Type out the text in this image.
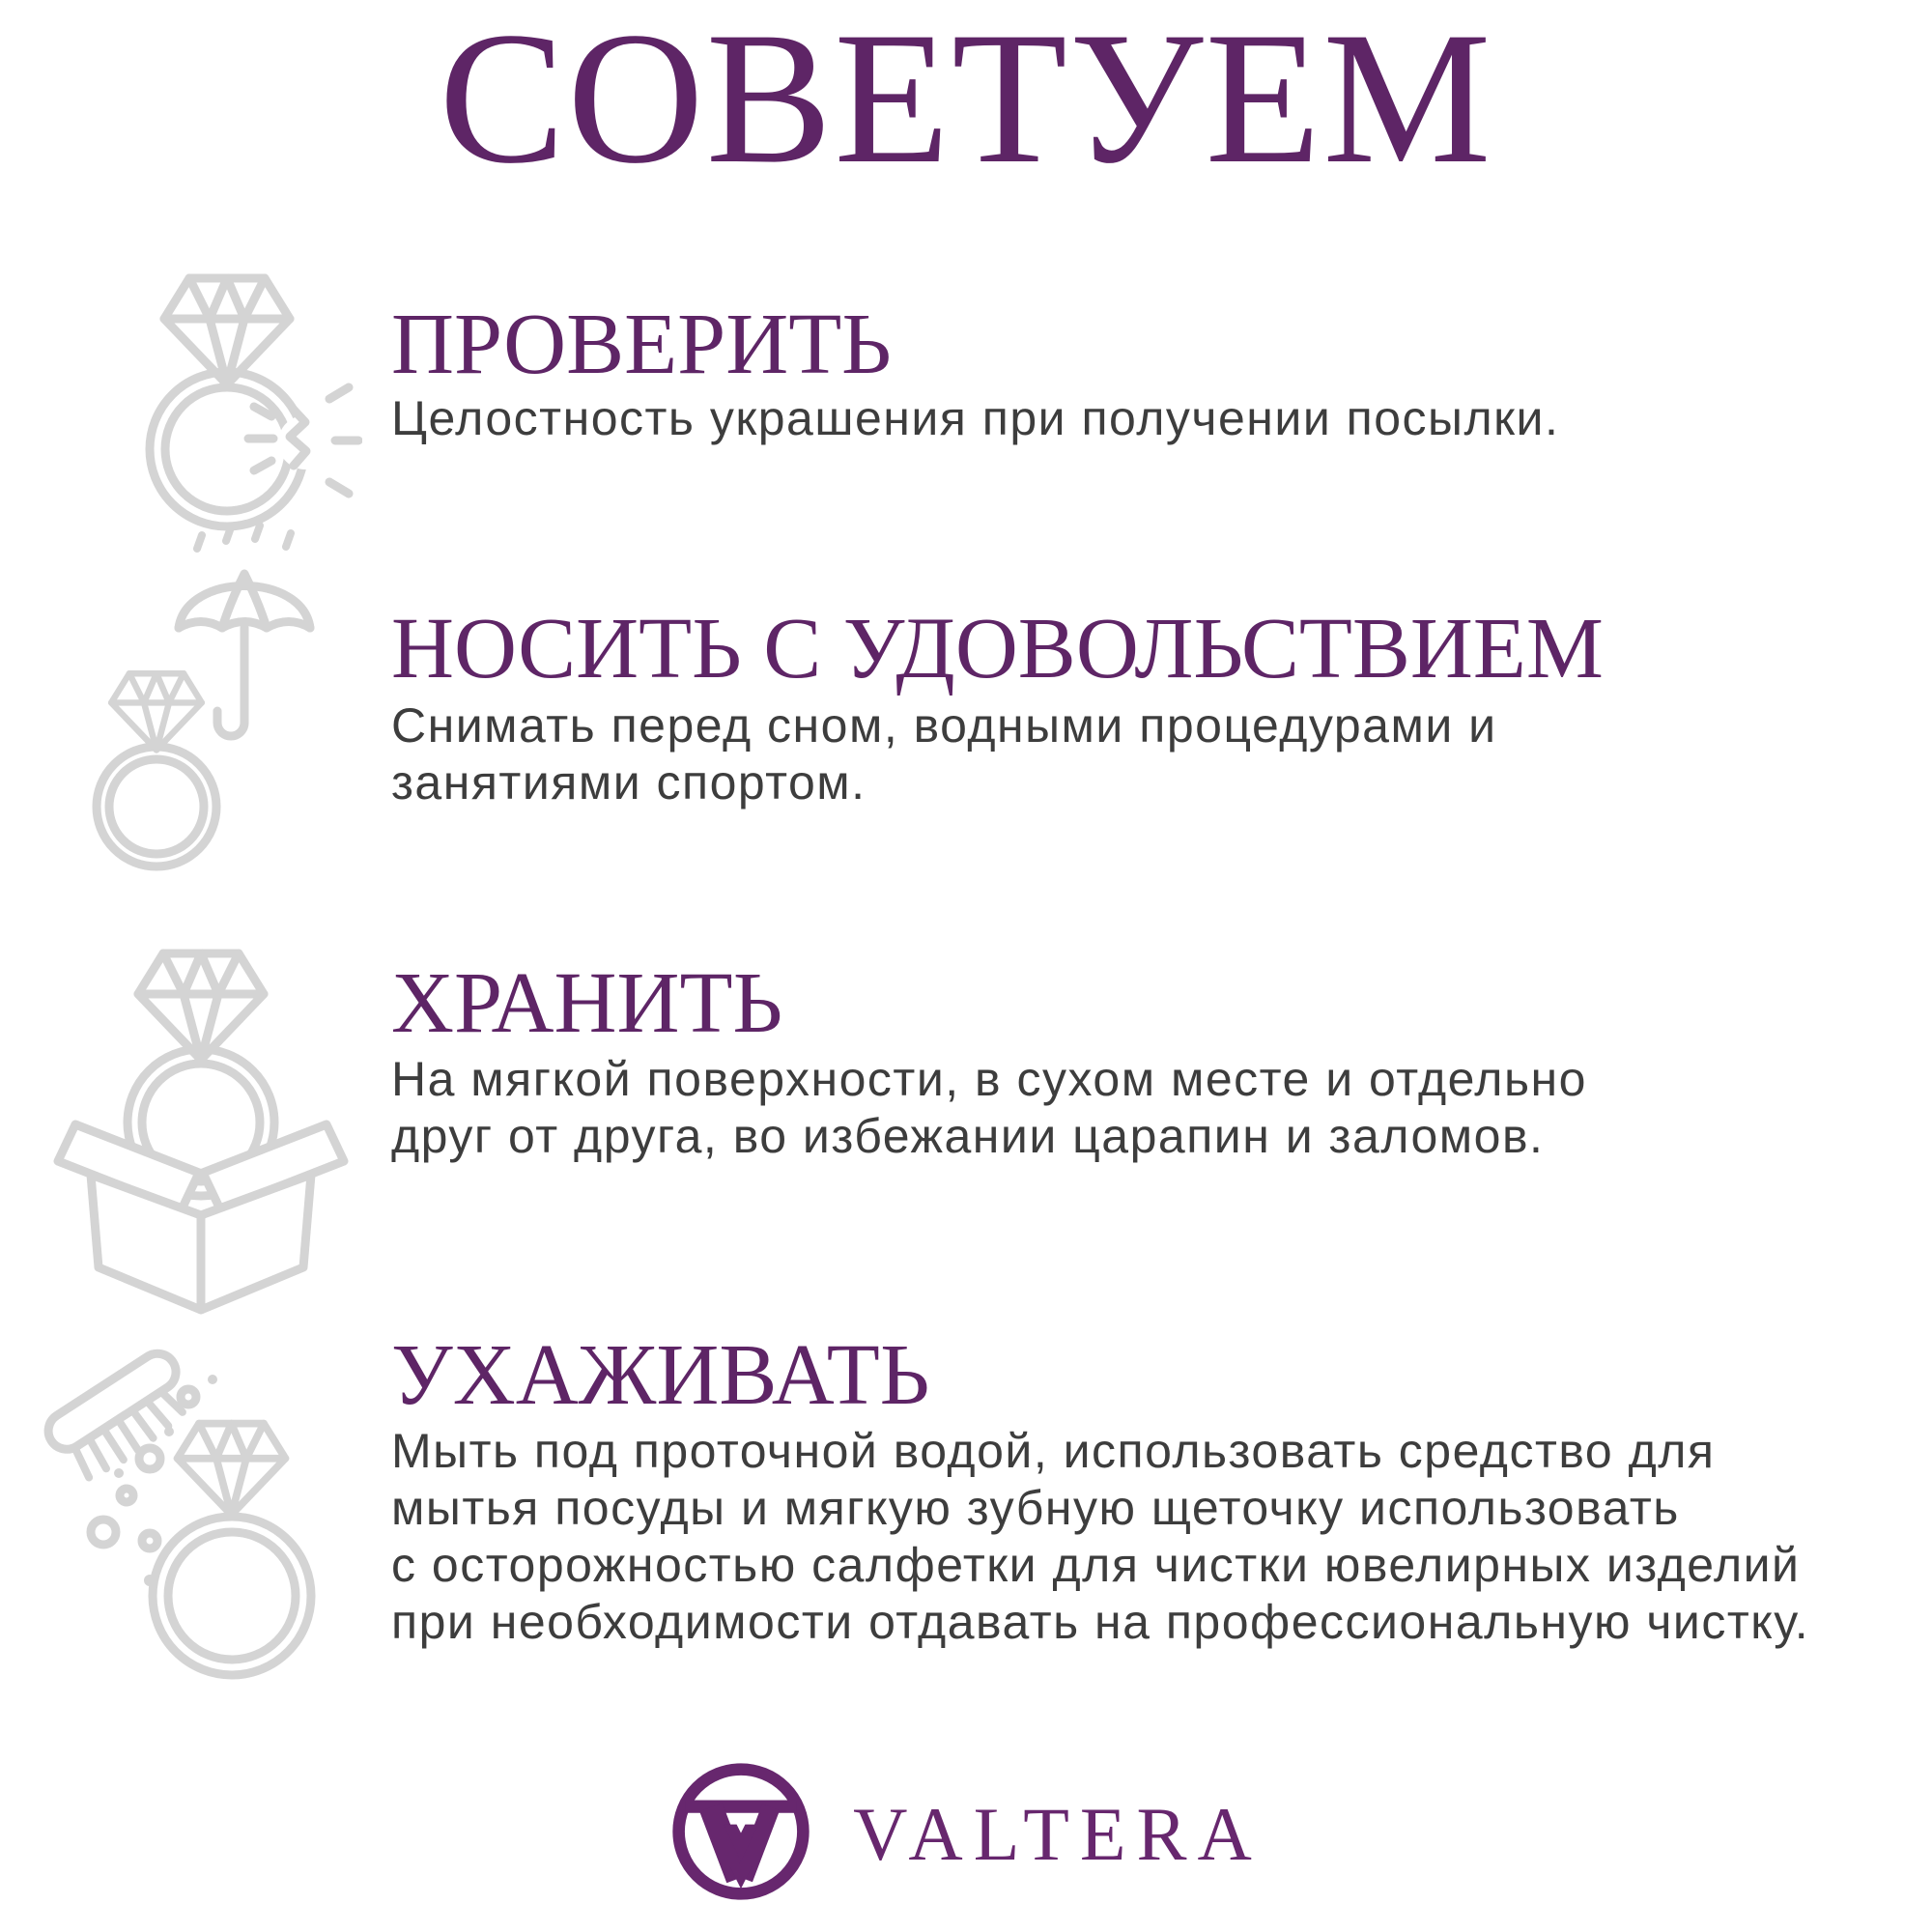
СОВЕТУЕМ
ПРОВЕРИТЬ
Целостность украшения при получении посылки.
НОСИТЬ С УДОВОЛЬСТВИЕМ
Снимать перед сном, водными процедурами и
занятиями спортом.
ХРАНИТЬ
На мягкой поверхности, в сухом месте и отдельно
друг от друга, во избежании царапин и заломов.
УХАЖИВАТЬ
Мыть под проточной водой, использовать средство для
мытья посуды и мягкую зубную щеточку использовать
с осторожностью салфетки для чистки ювелирных изделий
при необходимости отдавать на профессиональную чистку.
VALTERA
